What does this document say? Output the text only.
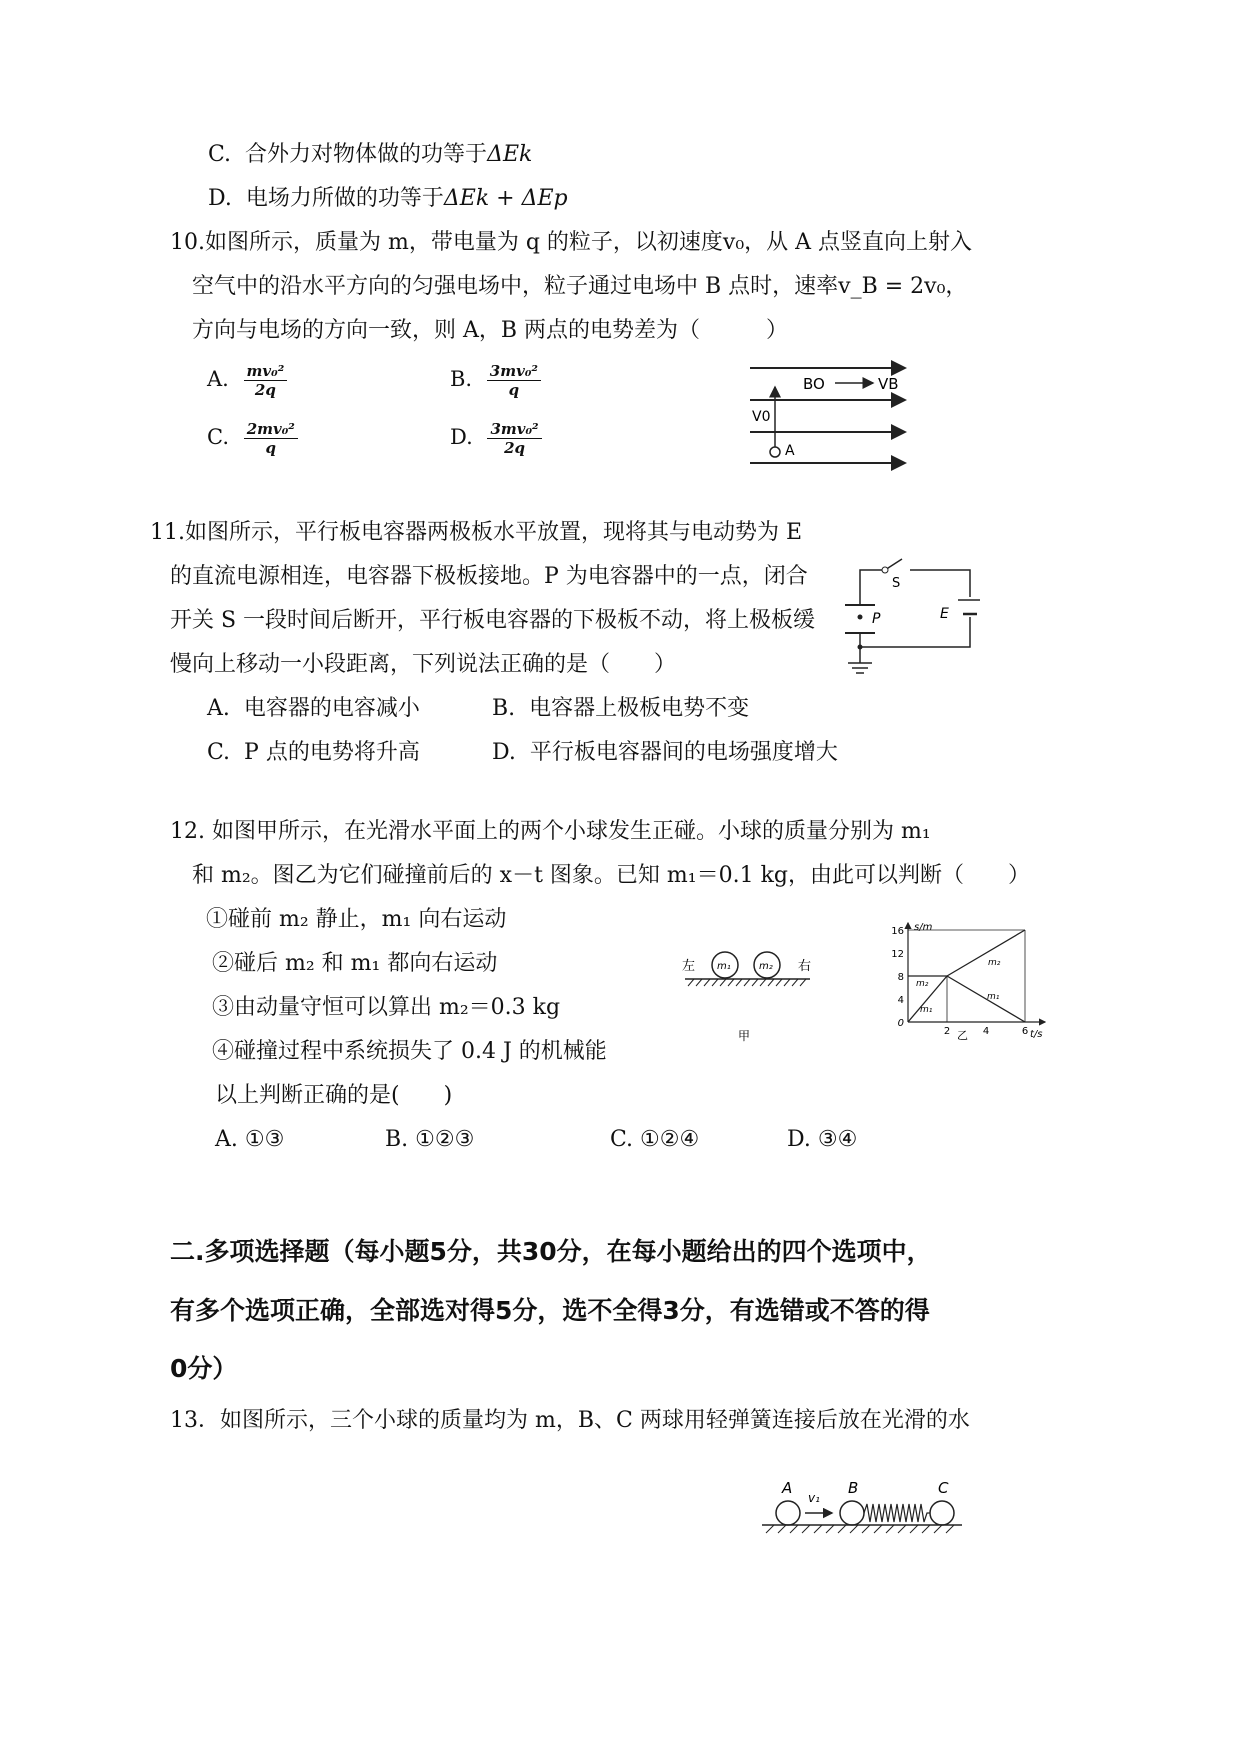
C. 合外力对物体做的功等于ΔEk
D. 电场力所做的功等于ΔEk + ΔEp
10.如图所示，质量为 m，带电量为 q 的粒子，以初速度v₀，从 A 点竖直向上射入
空气中的沿水平方向的匀强电场中，粒子通过电场中 B 点时，速率v_B = 2v₀，
方向与电场的方向一致，则 A，B 两点的电势差为（　　　）
A. $\frac{\text{mv₀²}}{2q}$	B. $\frac{\text{3mv₀²}}{q}$
C. $\frac{\text{2mv₀²}}{q}$	D. $\frac{\text{3mv₀²}}{2q}$
BO	VB
V0
A
11.如图所示，平行板电容器两极板水平放置，现将其与电动势为 E
的直流电源相连，电容器下极板接地。P 为电容器中的一点，闭合
开关 S 一段时间后断开，平行板电容器的下极板不动，将上极板缓
慢向上移动一小段距离，下列说法正确的是（　　）
A. 电容器的电容减小	B. 电容器上极板电势不变
C. P 点的电势将升高	D. 平行板电容器间的电场强度增大
S
P	E
12. 如图甲所示，在光滑水平面上的两个小球发生正碰。小球的质量分别为 m₁
和 m₂。图乙为它们碰撞前后的 x－t 图象。已知 m₁＝0.1 kg，由此可以判断（　　）
①碰前 m₂ 静止，m₁ 向右运动
②碰后 m₂ 和 m₁ 都向右运动
③由动量守恒可以算出 m₂＝0.3 kg
④碰撞过程中系统损失了 0.4 J 的机械能
以上判断正确的是(　　)
A. ①③	B. ①②③	C. ①②④	D. ③④
左	右
m₁	m₂
甲
s/m
t/s
乙
16
12
8
4
0
2	4	6
m₂
m₂
m₁
m₁
二.多项选择题（每小题5分，共30分，在每小题给出的四个选项中，
有多个选项正确，全部选对得5分，选不全得3分，有选错或不答的得
0分）
13．如图所示，三个小球的质量均为 m，B、C 两球用轻弹簧连接后放在光滑的水
A
v₁
B	C
